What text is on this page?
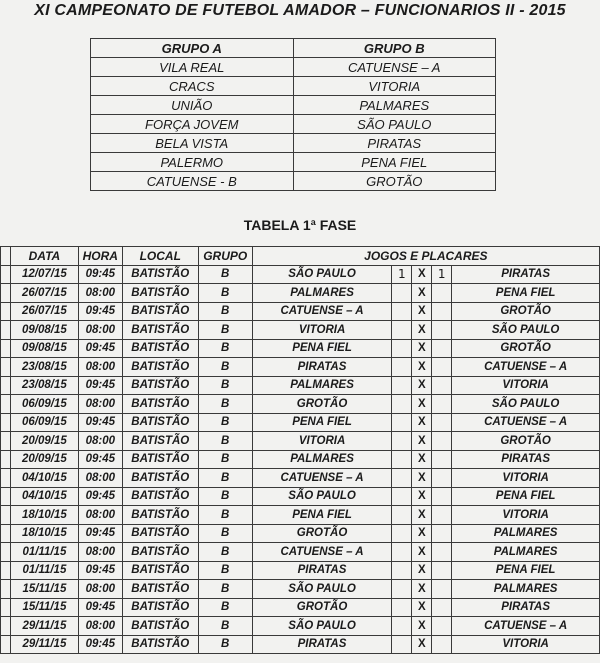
XI CAMPEONATO DE FUTEBOL AMADOR – FUNCIONARIOS II - 2015
GRUPO A	GRUPO B
VILA REAL	CATUENSE – A
CRACS	VITORIA
UNIÃO	PALMARES
FORÇA JOVEM	SÃO PAULO
BELA VISTA	PIRATAS
PALERMO	PENA FIEL
CATUENSE - B	GROTÃO
TABELA 1ª FASE
	DATA	HORA	LOCAL	GRUPO	JOGOS E PLACARES				
	12/07/15	09:45	BATISTÃO	B	SÃO PAULO	1	X	1	PIRATAS
	26/07/15	08:00	BATISTÃO	B	PALMARES		X		PENA FIEL
	26/07/15	09:45	BATISTÃO	B	CATUENSE – A		X		GROTÃO
	09/08/15	08:00	BATISTÃO	B	VITORIA		X		SÃO PAULO
	09/08/15	09:45	BATISTÃO	B	PENA FIEL		X		GROTÃO
	23/08/15	08:00	BATISTÃO	B	PIRATAS		X		CATUENSE – A
	23/08/15	09:45	BATISTÃO	B	PALMARES		X		VITORIA
	06/09/15	08:00	BATISTÃO	B	GROTÃO		X		SÃO PAULO
	06/09/15	09:45	BATISTÃO	B	PENA FIEL		X		CATUENSE – A
	20/09/15	08:00	BATISTÃO	B	VITORIA		X		GROTÃO
	20/09/15	09:45	BATISTÃO	B	PALMARES		X		PIRATAS
	04/10/15	08:00	BATISTÃO	B	CATUENSE – A		X		VITORIA
	04/10/15	09:45	BATISTÃO	B	SÃO PAULO		X		PENA FIEL
	18/10/15	08:00	BATISTÃO	B	PENA FIEL		X		VITORIA
	18/10/15	09:45	BATISTÃO	B	GROTÃO		X		PALMARES
	01/11/15	08:00	BATISTÃO	B	CATUENSE – A		X		PALMARES
	01/11/15	09:45	BATISTÃO	B	PIRATAS		X		PENA FIEL
	15/11/15	08:00	BATISTÃO	B	SÃO PAULO		X		PALMARES
	15/11/15	09:45	BATISTÃO	B	GROTÃO		X		PIRATAS
	29/11/15	08:00	BATISTÃO	B	SÃO PAULO		X		CATUENSE – A
	29/11/15	09:45	BATISTÃO	B	PIRATAS		X		VITORIA
